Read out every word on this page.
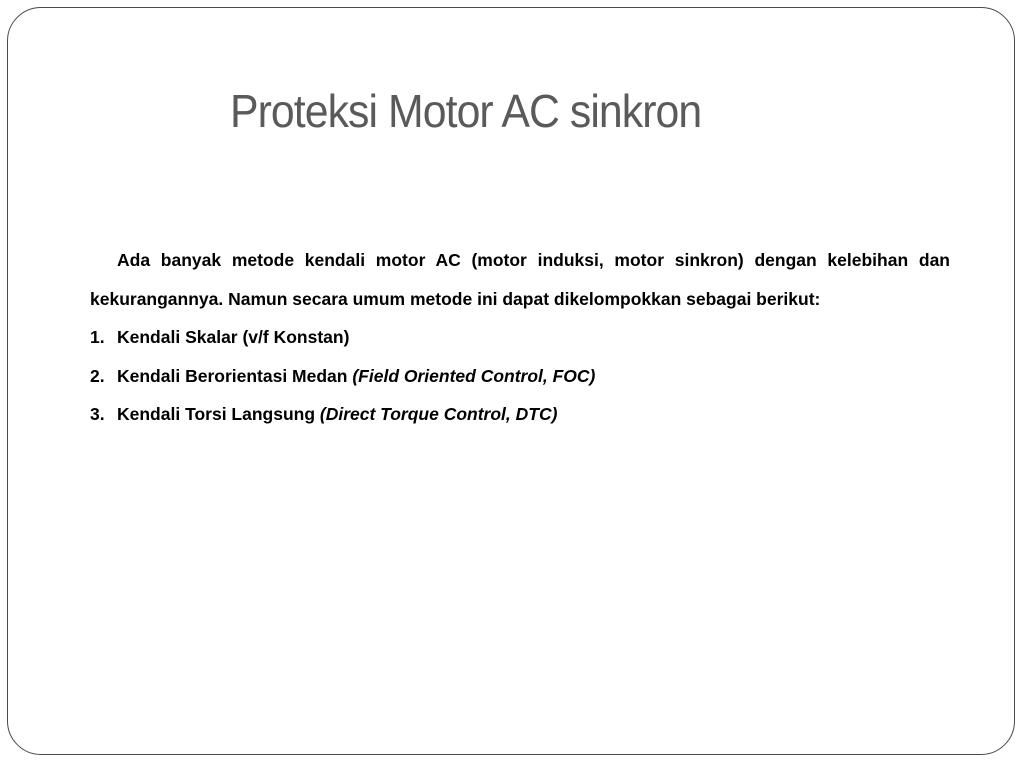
Proteksi Motor AC sinkron

Ada banyak metode kendali motor AC (motor induksi, motor sinkron) dengan kelebihan dan kekurangannya. Namun secara umum metode ini dapat dikelompokkan sebagai berikut:

1. Kendali Skalar (v/f Konstan)
2. Kendali Berorientasi Medan (Field Oriented Control, FOC)
3. Kendali Torsi Langsung (Direct Torque Control, DTC)
